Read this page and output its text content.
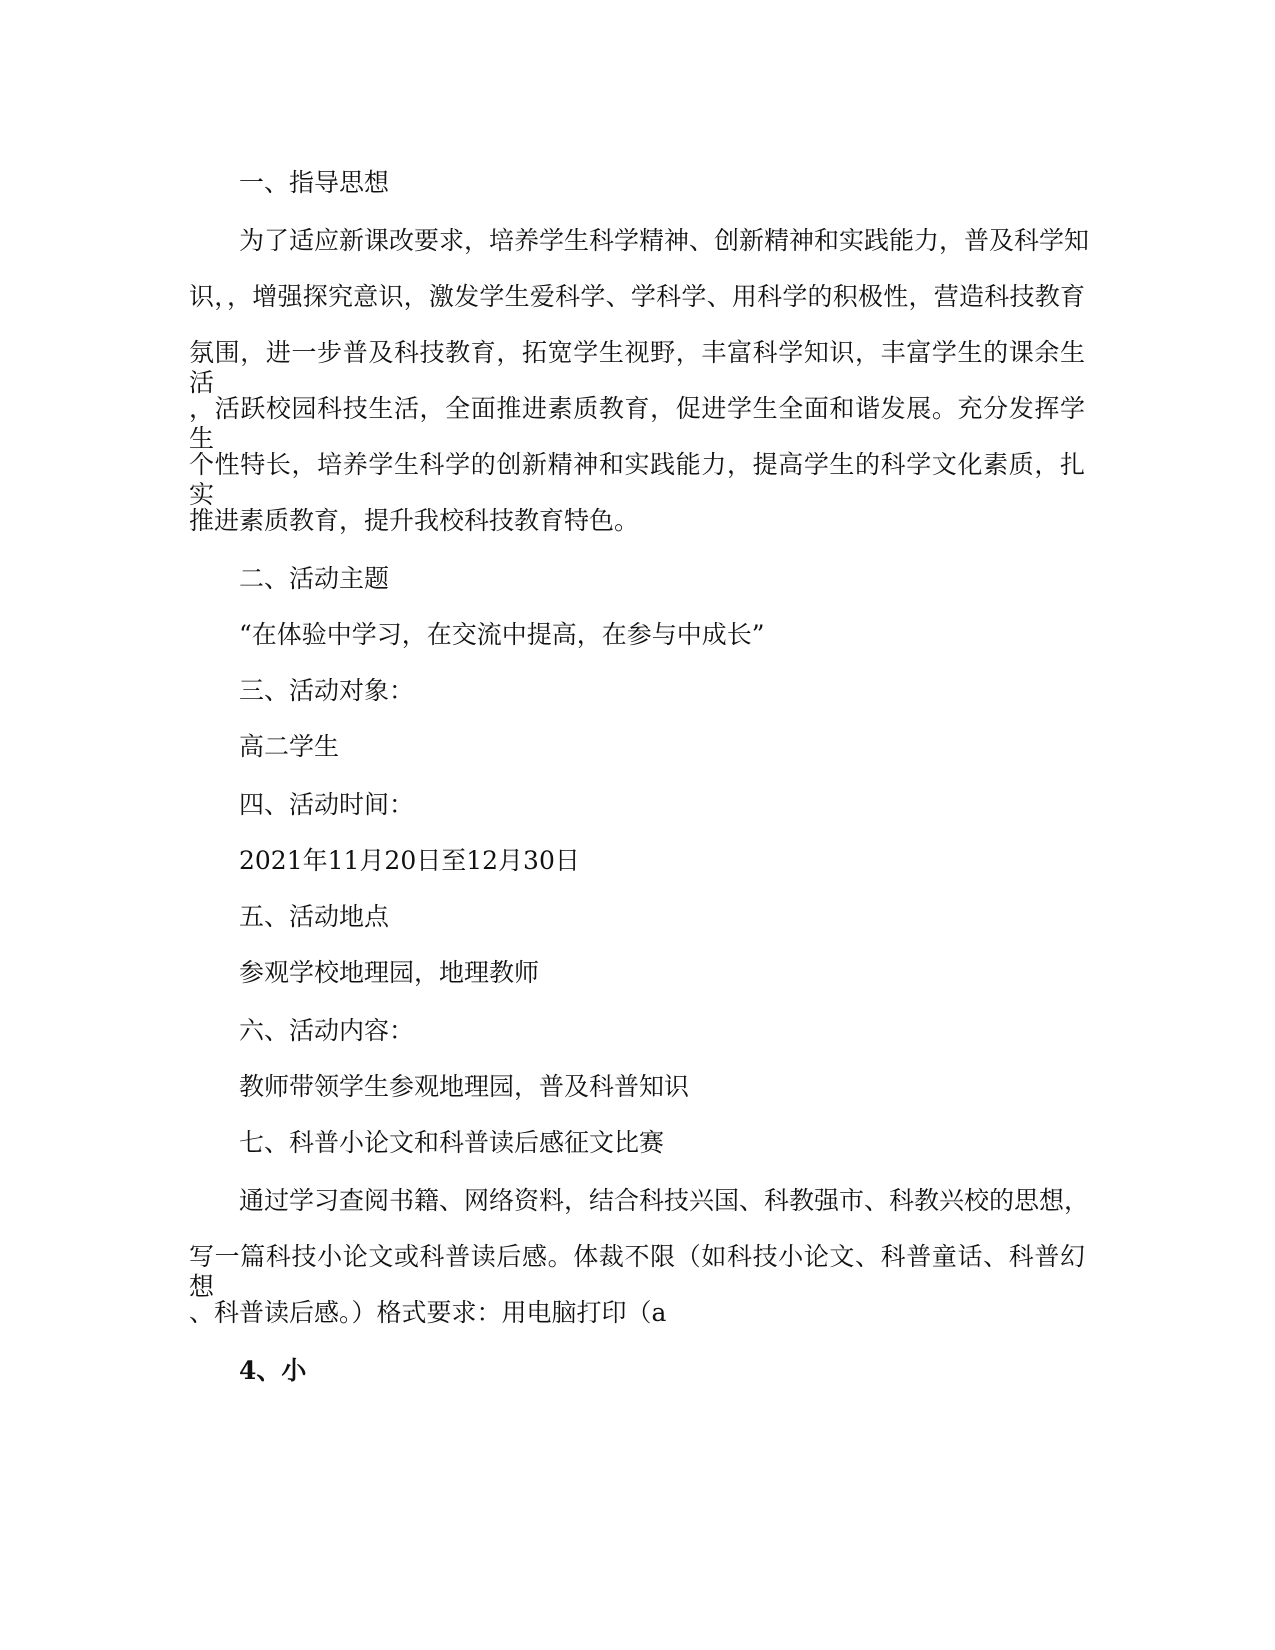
一、指导思想
为了适应新课改要求，培养学生科学精神、创新精神和实践能力，普及科学知
识，，增强探究意识，激发学生爱科学、学科学、用科学的积极性，营造科技教育
氛围，进一步普及科技教育，拓宽学生视野，丰富科学知识，丰富学生的课余生活
，活跃校园科技生活，全面推进素质教育，促进学生全面和谐发展。充分发挥学生
个性特长，培养学生科学的创新精神和实践能力，提高学生的科学文化素质，扎实
推进素质教育，提升我校科技教育特色。
二、活动主题
“在体验中学习，在交流中提高，在参与中成长”
三、活动对象：
高二学生
四、活动时间：
2021年11月20日至12月30日
五、活动地点
参观学校地理园，地理教师
六、活动内容：
教师带领学生参观地理园，普及科普知识
七、科普小论文和科普读后感征文比赛
通过学习查阅书籍、网络资料，结合科技兴国、科教强市、科教兴校的思想，
写一篇科技小论文或科普读后感。体裁不限（如科技小论文、科普童话、科普幻想
、科普读后感。）格式要求：用电脑打印（a
4、小
